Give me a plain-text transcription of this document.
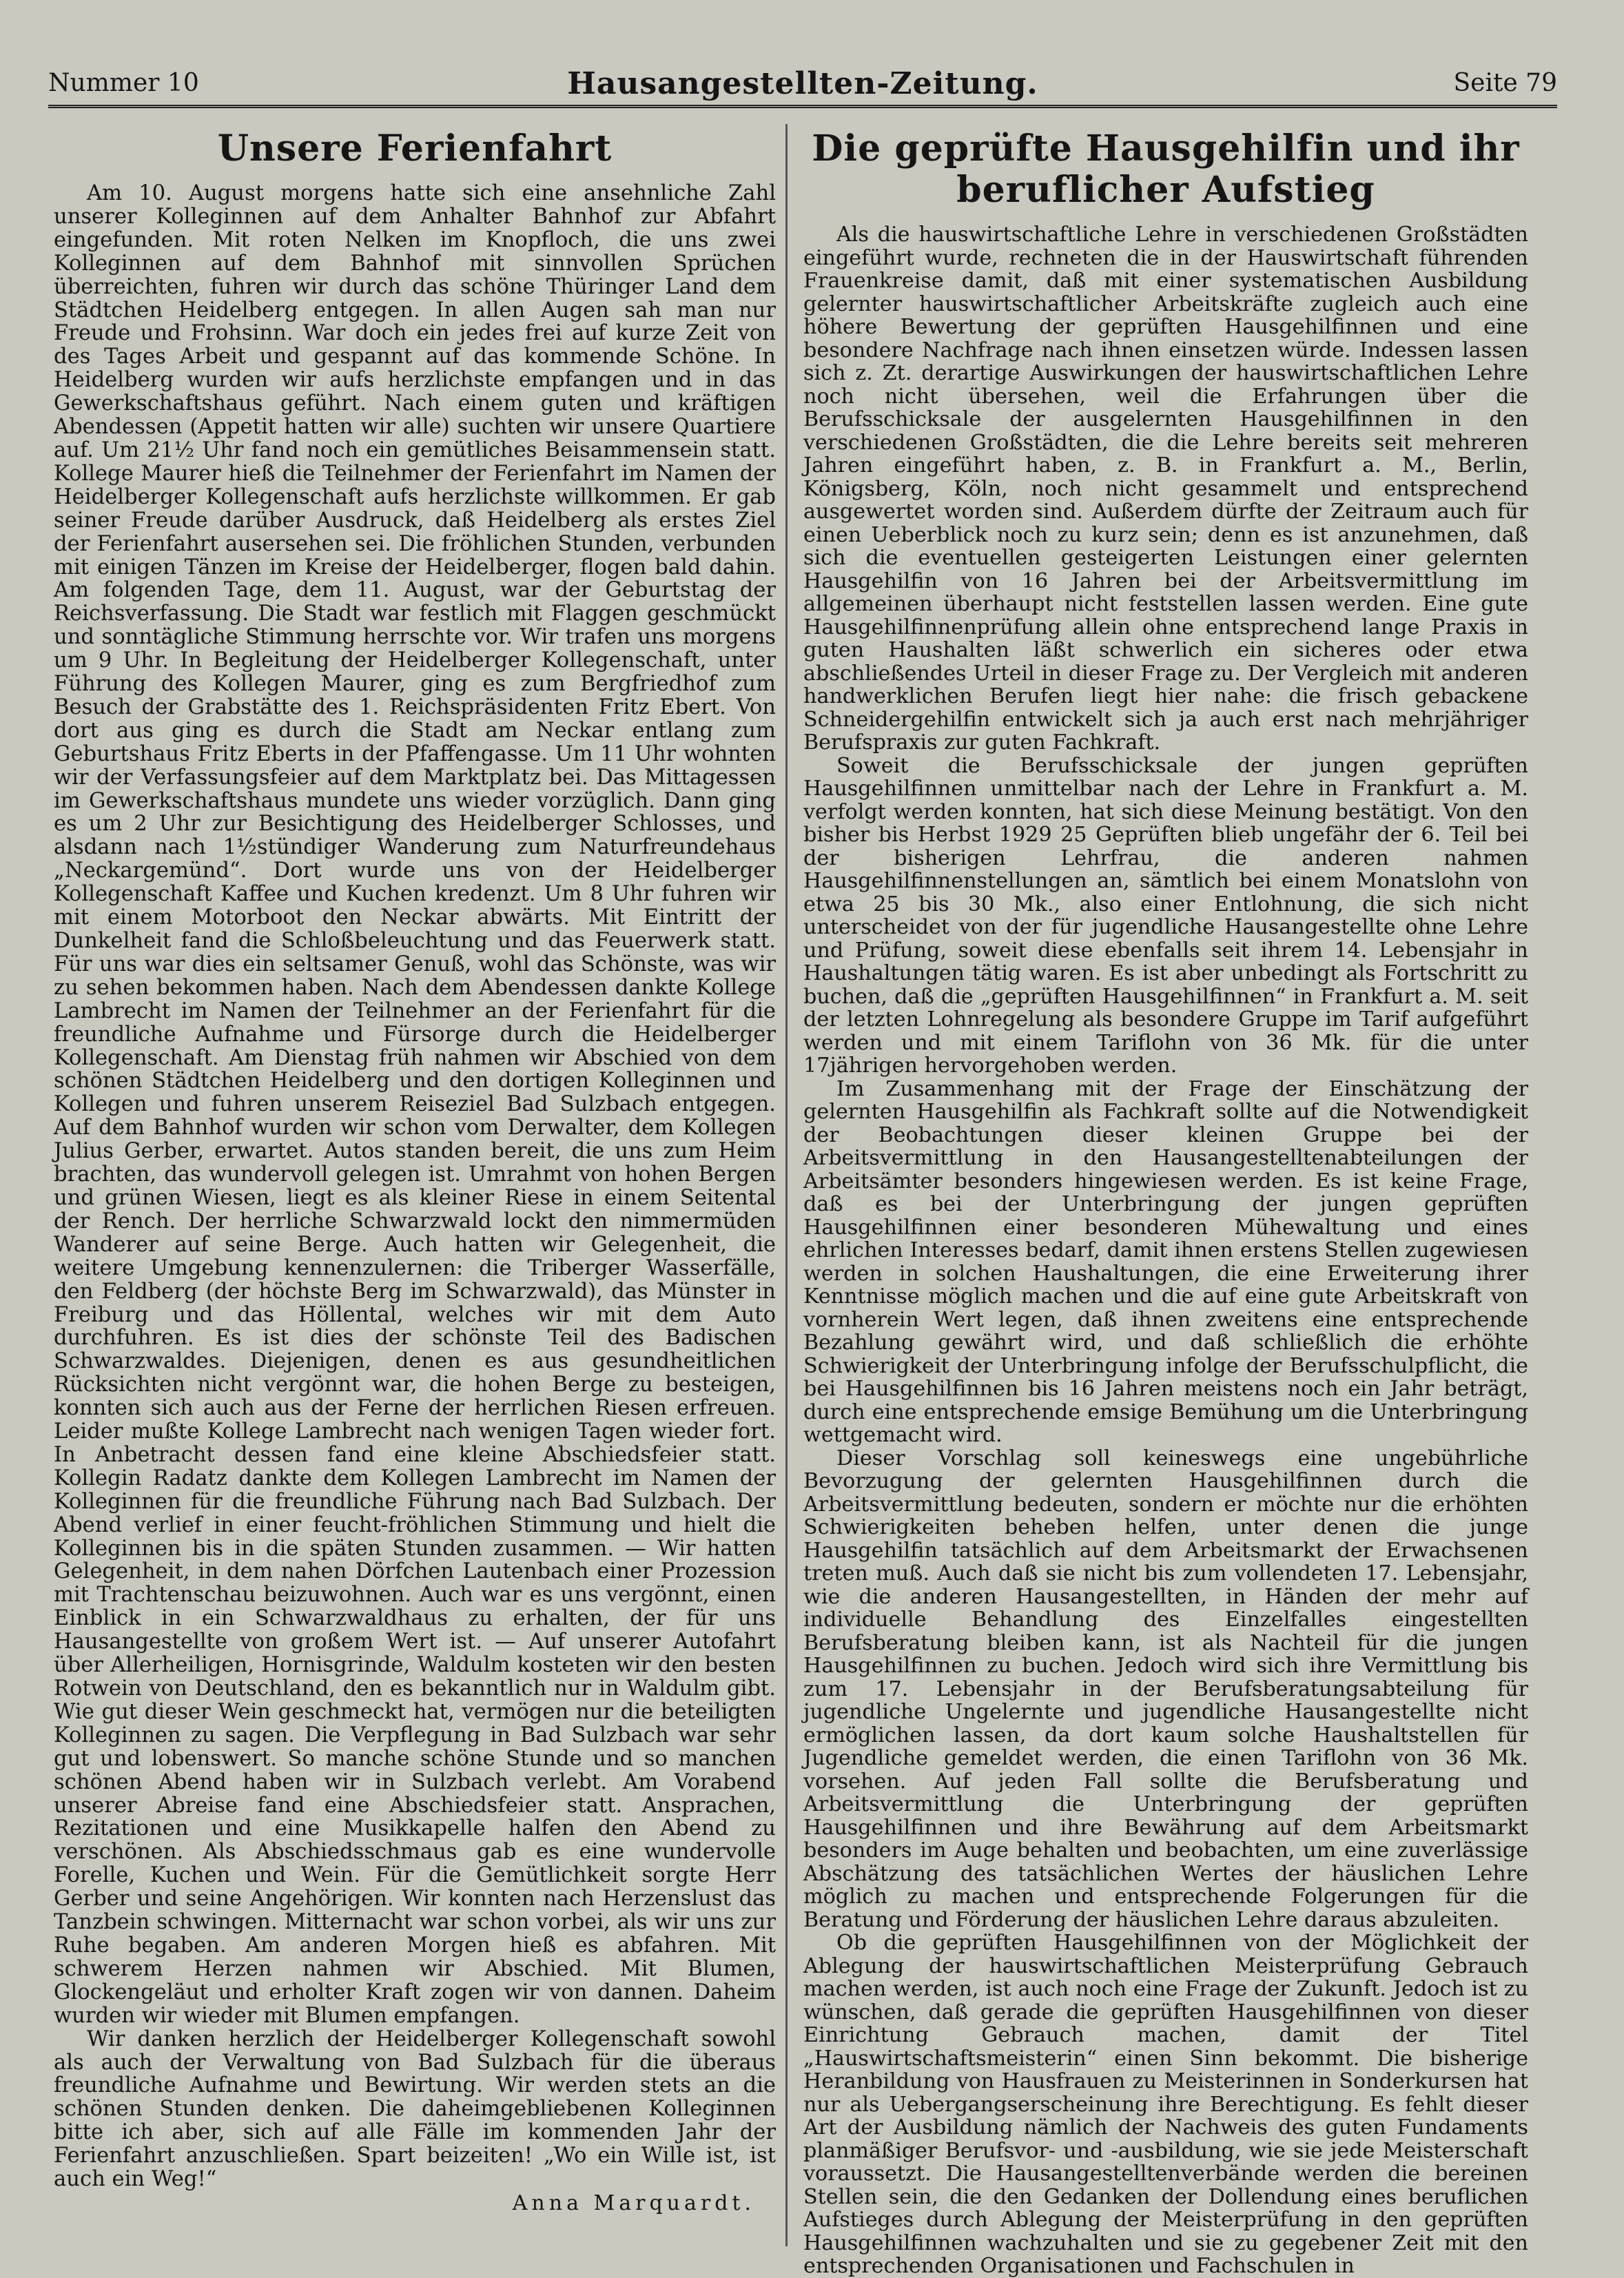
Nummer 10	Hausangestellten-Zeitung.	Seite 79
Unsere Ferienfahrt

Am 10. August morgens hatte sich eine ansehnliche Zahl unserer Kolleginnen auf dem Anhalter Bahnhof zur Abfahrt eingefunden. Mit roten Nelken im Knopfloch, die uns zwei Kolleginnen auf dem Bahnhof mit sinnvollen Sprüchen überreichten, fuhren wir durch das schöne Thüringer Land dem Städtchen Heidelberg entgegen. In allen Augen sah man nur Freude und Frohsinn. War doch ein jedes frei auf kurze Zeit von des Tages Arbeit und gespannt auf das kommende Schöne. In Heidelberg wurden wir aufs herzlichste empfangen und in das Gewerkschaftshaus geführt. Nach einem guten und kräftigen Abendessen (Appetit hatten wir alle) suchten wir unsere Quartiere auf. Um 21½ Uhr fand noch ein gemütliches Beisammensein statt. Kollege Maurer hieß die Teilnehmer der Ferienfahrt im Namen der Heidelberger Kollegenschaft aufs herzlichste willkommen. Er gab seiner Freude darüber Ausdruck, daß Heidelberg als erstes Ziel der Ferienfahrt ausersehen sei. Die fröhlichen Stunden, verbunden mit einigen Tänzen im Kreise der Heidelberger, flogen bald dahin. Am folgenden Tage, dem 11. August, war der Geburtstag der Reichsverfassung. Die Stadt war festlich mit Flaggen geschmückt und sonntägliche Stimmung herrschte vor. Wir trafen uns morgens um 9 Uhr. In Begleitung der Heidelberger Kollegenschaft, unter Führung des Kollegen Maurer, ging es zum Bergfriedhof zum Besuch der Grabstätte des 1. Reichspräsidenten Fritz Ebert. Von dort aus ging es durch die Stadt am Neckar entlang zum Geburtshaus Fritz Eberts in der Pfaffengasse. Um 11 Uhr wohnten wir der Verfassungsfeier auf dem Marktplatz bei. Das Mittagessen im Gewerkschaftshaus mundete uns wieder vorzüglich. Dann ging es um 2 Uhr zur Besichtigung des Heidelberger Schlosses, und alsdann nach 1½stündiger Wanderung zum Naturfreundehaus „Neckargemünd“. Dort wurde uns von der Heidelberger Kollegenschaft Kaffee und Kuchen kredenzt. Um 8 Uhr fuhren wir mit einem Motorboot den Neckar abwärts. Mit Eintritt der Dunkelheit fand die Schloßbeleuchtung und das Feuerwerk statt. Für uns war dies ein seltsamer Genuß, wohl das Schönste, was wir zu sehen bekommen haben. Nach dem Abendessen dankte Kollege Lambrecht im Namen der Teilnehmer an der Ferienfahrt für die freundliche Aufnahme und Fürsorge durch die Heidelberger Kollegenschaft. Am Dienstag früh nahmen wir Abschied von dem schönen Städtchen Heidelberg und den dortigen Kolleginnen und Kollegen und fuhren unserem Reiseziel Bad Sulzbach entgegen. Auf dem Bahnhof wurden wir schon vom Derwalter, dem Kollegen Julius Gerber, erwartet. Autos standen bereit, die uns zum Heim brachten, das wundervoll gelegen ist. Umrahmt von hohen Bergen und grünen Wiesen, liegt es als kleiner Riese in einem Seitental der Rench. Der herrliche Schwarzwald lockt den nimmermüden Wanderer auf seine Berge. Auch hatten wir Gelegenheit, die weitere Umgebung kennenzulernen: die Triberger Wasserfälle, den Feldberg (der höchste Berg im Schwarzwald), das Münster in Freiburg und das Höllental, welches wir mit dem Auto durchfuhren. Es ist dies der schönste Teil des Badischen Schwarzwaldes. Diejenigen, denen es aus gesundheitlichen Rücksichten nicht vergönnt war, die hohen Berge zu besteigen, konnten sich auch aus der Ferne der herrlichen Riesen erfreuen. Leider mußte Kollege Lambrecht nach wenigen Tagen wieder fort. In Anbetracht dessen fand eine kleine Abschiedsfeier statt. Kollegin Radatz dankte dem Kollegen Lambrecht im Namen der Kolleginnen für die freundliche Führung nach Bad Sulzbach. Der Abend verlief in einer feucht-fröhlichen Stimmung und hielt die Kolleginnen bis in die späten Stunden zusammen. — Wir hatten Gelegenheit, in dem nahen Dörfchen Lautenbach einer Prozession mit Trachtenschau beizuwohnen. Auch war es uns vergönnt, einen Einblick in ein Schwarzwaldhaus zu erhalten, der für uns Hausangestellte von großem Wert ist. — Auf unserer Autofahrt über Allerheiligen, Hornisgrinde, Waldulm kosteten wir den besten Rotwein von Deutschland, den es bekanntlich nur in Waldulm gibt. Wie gut dieser Wein geschmeckt hat, vermögen nur die beteiligten Kolleginnen zu sagen. Die Verpflegung in Bad Sulzbach war sehr gut und lobenswert. So manche schöne Stunde und so manchen schönen Abend haben wir in Sulzbach verlebt. Am Vorabend unserer Abreise fand eine Abschiedsfeier statt. Ansprachen, Rezitationen und eine Musikkapelle halfen den Abend zu verschönen. Als Abschiedsschmaus gab es eine wundervolle Forelle, Kuchen und Wein. Für die Gemütlichkeit sorgte Herr Gerber und seine Angehörigen. Wir konnten nach Herzenslust das Tanzbein schwingen. Mitternacht war schon vorbei, als wir uns zur Ruhe begaben. Am anderen Morgen hieß es abfahren. Mit schwerem Herzen nahmen wir Abschied. Mit Blumen, Glockengeläut und erholter Kraft zogen wir von dannen. Daheim wurden wir wieder mit Blumen empfangen.

Wir danken herzlich der Heidelberger Kollegenschaft sowohl als auch der Verwaltung von Bad Sulzbach für die überaus freundliche Aufnahme und Bewirtung. Wir werden stets an die schönen Stunden denken. Die daheimgebliebenen Kolleginnen bitte ich aber, sich auf alle Fälle im kommenden Jahr der Ferienfahrt anzuschließen. Spart beizeiten! „Wo ein Wille ist, ist auch ein Weg!“

Anna Marquardt.
Die geprüfte Hausgehilfin und ihr beruflicher Aufstieg

Als die hauswirtschaftliche Lehre in verschiedenen Großstädten eingeführt wurde, rechneten die in der Hauswirtschaft führenden Frauenkreise damit, daß mit einer systematischen Ausbildung gelernter hauswirtschaftlicher Arbeitskräfte zugleich auch eine höhere Bewertung der geprüften Hausgehilfinnen und eine besondere Nachfrage nach ihnen einsetzen würde. Indessen lassen sich z. Zt. derartige Auswirkungen der hauswirtschaftlichen Lehre noch nicht übersehen, weil die Erfahrungen über die Berufsschicksale der ausgelernten Hausgehilfinnen in den verschiedenen Großstädten, die die Lehre bereits seit mehreren Jahren eingeführt haben, z. B. in Frankfurt a. M., Berlin, Königsberg, Köln, noch nicht gesammelt und entsprechend ausgewertet worden sind. Außerdem dürfte der Zeitraum auch für einen Ueberblick noch zu kurz sein; denn es ist anzunehmen, daß sich die eventuellen gesteigerten Leistungen einer gelernten Hausgehilfin von 16 Jahren bei der Arbeitsvermittlung im allgemeinen überhaupt nicht feststellen lassen werden. Eine gute Hausgehilfinnenprüfung allein ohne entsprechend lange Praxis in guten Haushalten läßt schwerlich ein sicheres oder etwa abschließendes Urteil in dieser Frage zu. Der Vergleich mit anderen handwerklichen Berufen liegt hier nahe: die frisch gebackene Schneidergehilfin entwickelt sich ja auch erst nach mehrjähriger Berufspraxis zur guten Fachkraft.

Soweit die Berufsschicksale der jungen geprüften Hausgehilfinnen unmittelbar nach der Lehre in Frankfurt a. M. verfolgt werden konnten, hat sich diese Meinung bestätigt. Von den bisher bis Herbst 1929 25 Geprüften blieb ungefähr der 6. Teil bei der bisherigen Lehrfrau, die anderen nahmen Hausgehilfinnenstellungen an, sämtlich bei einem Monatslohn von etwa 25 bis 30 Mk., also einer Entlohnung, die sich nicht unterscheidet von der für jugendliche Hausangestellte ohne Lehre und Prüfung, soweit diese ebenfalls seit ihrem 14. Lebensjahr in Haushaltungen tätig waren. Es ist aber unbedingt als Fortschritt zu buchen, daß die „geprüften Hausgehilfinnen“ in Frankfurt a. M. seit der letzten Lohnregelung als besondere Gruppe im Tarif aufgeführt werden und mit einem Tariflohn von 36 Mk. für die unter 17jährigen hervorgehoben werden.

Im Zusammenhang mit der Frage der Einschätzung der gelernten Hausgehilfin als Fachkraft sollte auf die Notwendigkeit der Beobachtungen dieser kleinen Gruppe bei der Arbeitsvermittlung in den Hausangestelltenabteilungen der Arbeitsämter besonders hingewiesen werden. Es ist keine Frage, daß es bei der Unterbringung der jungen geprüften Hausgehilfinnen einer besonderen Mühewaltung und eines ehrlichen Interesses bedarf, damit ihnen erstens Stellen zugewiesen werden in solchen Haushaltungen, die eine Erweiterung ihrer Kenntnisse möglich machen und die auf eine gute Arbeitskraft von vornherein Wert legen, daß ihnen zweitens eine entsprechende Bezahlung gewährt wird, und daß schließlich die erhöhte Schwierigkeit der Unterbringung infolge der Berufsschulpflicht, die bei Hausgehilfinnen bis 16 Jahren meistens noch ein Jahr beträgt, durch eine entsprechende emsige Bemühung um die Unterbringung wettgemacht wird.

Dieser Vorschlag soll keineswegs eine ungebührliche Bevorzugung der gelernten Hausgehilfinnen durch die Arbeitsvermittlung bedeuten, sondern er möchte nur die erhöhten Schwierigkeiten beheben helfen, unter denen die junge Hausgehilfin tatsächlich auf dem Arbeitsmarkt der Erwachsenen treten muß. Auch daß sie nicht bis zum vollendeten 17. Lebensjahr, wie die anderen Hausangestellten, in Händen der mehr auf individuelle Behandlung des Einzelfalles eingestellten Berufsberatung bleiben kann, ist als Nachteil für die jungen Hausgehilfinnen zu buchen. Jedoch wird sich ihre Vermittlung bis zum 17. Lebensjahr in der Berufsberatungsabteilung für jugendliche Ungelernte und jugendliche Hausangestellte nicht ermöglichen lassen, da dort kaum solche Haushaltstellen für Jugendliche gemeldet werden, die einen Tariflohn von 36 Mk. vorsehen. Auf jeden Fall sollte die Berufsberatung und Arbeitsvermittlung die Unterbringung der geprüften Hausgehilfinnen und ihre Bewährung auf dem Arbeitsmarkt besonders im Auge behalten und beobachten, um eine zuverlässige Abschätzung des tatsächlichen Wertes der häuslichen Lehre möglich zu machen und entsprechende Folgerungen für die Beratung und Förderung der häuslichen Lehre daraus abzuleiten.

Ob die geprüften Hausgehilfinnen von der Möglichkeit der Ablegung der hauswirtschaftlichen Meisterprüfung Gebrauch machen werden, ist auch noch eine Frage der Zukunft. Jedoch ist zu wünschen, daß gerade die geprüften Hausgehilfinnen von dieser Einrichtung Gebrauch machen, damit der Titel „Hauswirtschaftsmeisterin“ einen Sinn bekommt. Die bisherige Heranbildung von Hausfrauen zu Meisterinnen in Sonderkursen hat nur als Uebergangserscheinung ihre Berechtigung. Es fehlt dieser Art der Ausbildung nämlich der Nachweis des guten Fundaments planmäßiger Berufsvor- und -ausbildung, wie sie jede Meisterschaft voraussetzt. Die Hausangestelltenverbände werden die bereinen Stellen sein, die den Gedanken der Dollendung eines beruflichen Aufstieges durch Ablegung der Meisterprüfung in den geprüften Hausgehilfinnen wachzuhalten und sie zu gegebener Zeit mit den entsprechenden Organisationen und Fachschulen in
